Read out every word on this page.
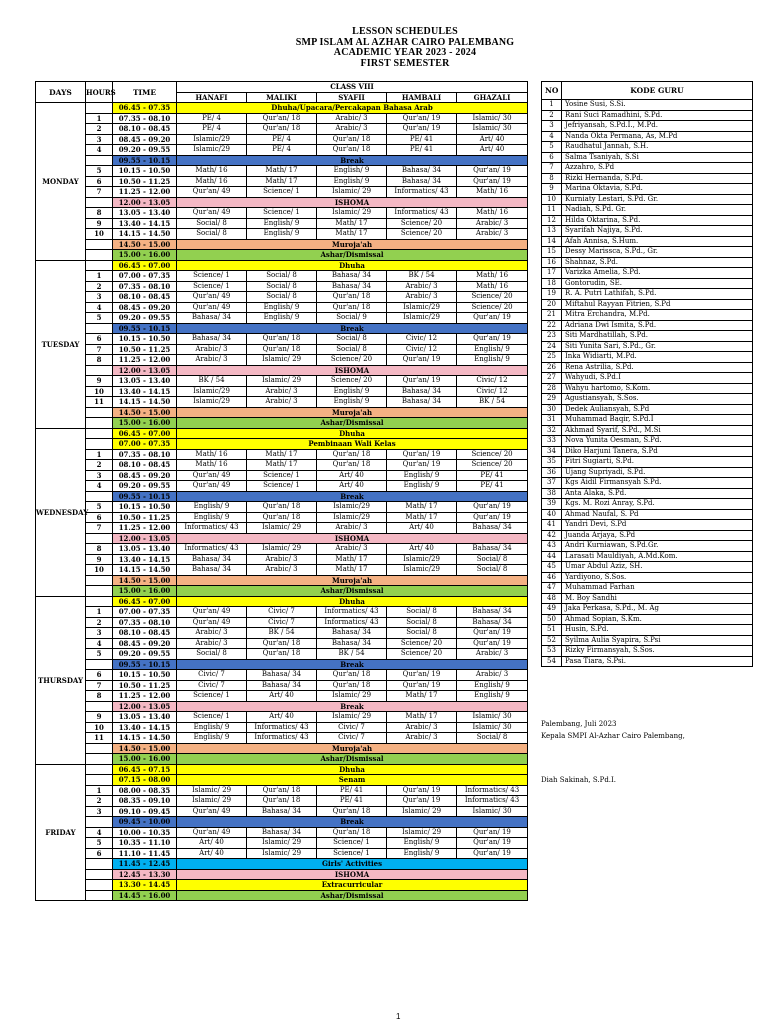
LESSON SCHEDULES
SMP ISLAM AL AZHAR CAIRO PALEMBANG
ACADEMIC YEAR 2023 - 2024
FIRST SEMESTER
DAYS	HOURS	TIME	CLASS VIII				
			HANAFI	MALIKI	SYAFII	HAMBALI	GHAZALI
MONDAY		06.45 - 07.35	Dhuha/Upacara/Percakapan Bahasa Arab				
	1	07.35 - 08.10	PE/ 4	Qur'an/ 18	Arabic/ 3	Qur'an/ 19	Islamic/ 30
	2	08.10 - 08.45	PE/ 4	Qur'an/ 18	Arabic/ 3	Qur'an/ 19	Islamic/ 30
	3	08.45 - 09.20	Islamic/29	PE/ 4	Qur'an/ 18	PE/ 41	Art/ 40
	4	09.20 - 09.55	Islamic/29	PE/ 4	Qur'an/ 18	PE/ 41	Art/ 40
		09.55 - 10.15	Break				
	5	10.15 - 10.50	Math/ 16	Math/ 17	English/ 9	Bahasa/ 34	Qur'an/ 19
	6	10.50 - 11.25	Math/ 16	Math/ 17	English/ 9	Bahasa/ 34	Qur'an/ 19
	7	11.25 - 12.00	Qur'an/ 49	Science/ 1	Islamic/ 29	Informatics/ 43	Math/ 16
		12.00 - 13.05	ISHOMA				
	8	13.05 - 13.40	Qur'an/ 49	Science/ 1	Islamic/ 29	Informatics/ 43	Math/ 16
	9	13.40 - 14.15	Social/ 8	English/ 9	Math/ 17	Science/ 20	Arabic/ 3
	10	14.15 - 14.50	Social/ 8	English/ 9	Math/ 17	Science/ 20	Arabic/ 3
		14.50 - 15.00	Muroja'ah				
		15.00 - 16.00	Ashar/Dismissal				
TUESDAY		06.45 - 07.00	Dhuha				
	1	07.00 - 07.35	Science/ 1	Social/ 8	Bahasa/ 34	BK / 54	Math/ 16
	2	07.35 - 08.10	Science/ 1	Social/ 8	Bahasa/ 34	Arabic/ 3	Math/ 16
	3	08.10 - 08.45	Qur'an/ 49	Social/ 8	Qur'an/ 18	Arabic/ 3	Science/ 20
	4	08.45 - 09.20	Qur'an/ 49	English/ 9	Qur'an/ 18	Islamic/29	Science/ 20
	5	09.20 - 09.55	Bahasa/ 34	English/ 9	Social/ 9	Islamic/29	Qur'an/ 19
		09.55 - 10.15	Break				
	6	10.15 - 10.50	Bahasa/ 34	Qur'an/ 18	Social/ 8	Civic/ 12	Qur'an/ 19
	7	10.50 - 11.25	Arabic/ 3	Qur'an/ 18	Social/ 8	Civic/ 12	English/ 9
	8	11.25 - 12.00	Arabic/ 3	Islamic/ 29	Science/ 20	Qur'an/ 19	English/ 9
		12.00 - 13.05	ISHOMA				
	9	13.05 - 13.40	BK / 54	Islamic/ 29	Science/ 20	Qur'an/ 19	Civic/ 12
	10	13.40 - 14.15	Islamic/29	Arabic/ 3	English/ 9	Bahasa/ 34	Civic/ 12
	11	14.15 - 14.50	Islamic/29	Arabic/ 3	English/ 9	Bahasa/ 34	BK / 54
		14.50 - 15.00	Muroja'ah				
		15.00 - 16.00	Ashar/Dismissal				
WEDNESDAY		06.45 - 07.00	Dhuha				
		07.00 - 07.35	Pembinaan Wali Kelas				
	1	07.35 - 08.10	Math/ 16	Math/ 17	Qur'an/ 18	Qur'an/ 19	Science/ 20
	2	08.10 - 08.45	Math/ 16	Math/ 17	Qur'an/ 18	Qur'an/ 19	Science/ 20
	3	08.45 - 09.20	Qur'an/ 49	Science/ 1	Art/ 40	English/ 9	PE/ 41
	4	09.20 - 09.55	Qur'an/ 49	Science/ 1	Art/ 40	English/ 9	PE/ 41
		09.55 - 10.15	Break				
	5	10.15 - 10.50	English/ 9	Qur'an/ 18	Islamic/29	Math/ 17	Qur'an/ 19
	6	10.50 - 11.25	English/ 9	Qur'an/ 18	Islamic/29	Math/ 17	Qur'an/ 19
	7	11.25 - 12.00	Informatics/ 43	Islamic/ 29	Arabic/ 3	Art/ 40	Bahasa/ 34
		12.00 - 13.05	ISHOMA				
	8	13.05 - 13.40	Informatics/ 43	Islamic/ 29	Arabic/ 3	Art/ 40	Bahasa/ 34
	9	13.40 - 14.15	Bahasa/ 34	Arabic/ 3	Math/ 17	Islamic/29	Social/ 8
	10	14.15 - 14.50	Bahasa/ 34	Arabic/ 3	Math/ 17	Islamic/29	Social/ 8
		14.50 - 15.00	Muroja'ah				
		15.00 - 16.00	Ashar/Dismissal				
THURSDAY		06.45 - 07.00	Dhuha				
	1	07.00 - 07.35	Qur'an/ 49	Civic/ 7	Informatics/ 43	Social/ 8	Bahasa/ 34
	2	07.35 - 08.10	Qur'an/ 49	Civic/ 7	Informatics/ 43	Social/ 8	Bahasa/ 34
	3	08.10 - 08.45	Arabic/ 3	BK / 54	Bahasa/ 34	Social/ 8	Qur'an/ 19
	4	08.45 - 09.20	Arabic/ 3	Qur'an/ 18	Bahasa/ 34	Science/ 20	Qur'an/ 19
	5	09.20 - 09.55	Social/ 8	Qur'an/ 18	BK / 54	Science/ 20	Arabic/ 3
		09.55 - 10.15	Break				
	6	10.15 - 10.50	Civic/ 7	Bahasa/ 34	Qur'an/ 18	Qur'an/ 19	Arabic/ 3
	7	10.50 - 11.25	Civic/ 7	Bahasa/ 34	Qur'an/ 18	Qur'an/ 19	English/ 9
	8	11.25 - 12.00	Science/ 1	Art/ 40	Islamic/ 29	Math/ 17	English/ 9
		12.00 - 13.05	Break				
	9	13.05 - 13.40	Science/ 1	Art/ 40	Islamic/ 29	Math/ 17	Islamic/ 30
	10	13.40 - 14.15	English/ 9	Informatics/ 43	Civic/ 7	Arabic/ 3	Islamic/ 30
	11	14.15 - 14.50	English/ 9	Informatics/ 43	Civic/ 7	Arabic/ 3	Social/ 8
		14.50 - 15.00	Muroja'ah				
		15.00 - 16.00	Ashar/Dismissal				
FRIDAY		06.45 - 07.15	Dhuha				
		07.15 - 08.00	Senam				
	1	08.00 - 08.35	Islamic/ 29	Qur'an/ 18	PE/ 41	Qur'an/ 19	Informatics/ 43
	2	08.35 - 09.10	Islamic/ 29	Qur'an/ 18	PE/ 41	Qur'an/ 19	Informatics/ 43
	3	09.10 - 09.45	Qur'an/ 49	Bahasa/ 34	Qur'an/ 18	Islamic/ 29	Islamic/ 30
		09.45 - 10.00	Break				
	4	10.00 - 10.35	Qur'an/ 49	Bahasa/ 34	Qur'an/ 18	Islamic/ 29	Qur'an/ 19
	5	10.35 - 11.10	Art/ 40	Islamic/ 29	Science/ 1	English/ 9	Qur'an/ 19
	6	11.10 - 11.45	Art/ 40	Islamic/ 29	Science/ 1	English/ 9	Qur'an/ 19
		11.45 - 12.45	Girls' Activities				
		12.45 - 13.30	ISHOMA				
		13.30 - 14.45	Extracurricular				
		14.45 - 16.00	Ashar/Dismissal				
NO	KODE GURU
1	Yosine Susi, S.Si.
2	Rani Suci Ramadhini, S.Pd.
3	Jefriyansah, S.Pd.I., M.Pd.
4	Nanda Okta Permana, As, M.Pd
5	Raudhatul Jannah, S.H.
6	Salma Tsaniyah, S.Si
7	Azzahro, S.Pd
8	Rizki Hernanda, S.Pd.
9	Marina Oktavia, S.Pd.
10	Kurniaty Lestari, S.Pd. Gr.
11	Nadiah, S.Pd. Gr.
12	Hilda Oktarina, S.Pd.
13	Syarifah Najiya, S.Pd.
14	Afah Annisa, S.Hum.
15	Dessy Marissca, S.Pd., Gr.
16	Shahnaz, S.Pd.
17	Varizka Amelia, S.Pd.
18	Gontorudin, SE.
19	R. A. Putri Lathifah, S.Pd.
20	Miftahul Rayyan Fitrien, S.Pd
21	Mitra Erchandra, M.Pd.
22	Adriana Dwi Ismita, S.Pd.
23	Siti Mardhatillah, S.Pd.
24	Siti Yunita Sari, S.Pd., Gr.
25	Inka Widiarti, M.Pd.
26	Rena Astrilia, S.Pd.
27	Wahyudi, S.Pd.I
28	Wahyu hartomo, S.Kom.
29	Agustiansyah, S.Sos.
30	Dedek Auliansyah, S.Pd
31	Muhammad Baqir, S.Pd.I
32	Akhmad Syarif, S.Pd., M.Si
33	Nova Yunita Oesman, S.Pd.
34	Diko Harjuni Tanera, S.Pd
35	Fitri Sugiarti, S.Pd.
36	Ujang Supriyadi, S.Pd.
37	Kgs Aidil Firmansyah S.Pd.
38	Anta Alaka, S.Pd.
39	Kgs. M. Rozi Anray, S.Pd.
40	Ahmad Naufal, S. Pd
41	Yandri Devi, S.Pd
42	Juanda Arjaya, S.Pd
43	Andri Kurniawan, S.Pd.Gr.
44	Larasati Mauldiyah, A.Md.Kom.
45	Umar Abdul Aziz, SH.
46	Yardiyono, S.Sos.
47	Muhammad Farhan
48	M. Boy Sandhi
49	Jaka Perkasa, S.Pd., M. Ag
50	Ahmad Sopian, S.Km.
51	Husin, S.Pd.
52	Syilma Aulia Syapira, S.Psi
53	Rizky Firmansyah, S.Sos.
54	Pasa Tiara, S.Psi.
Palembang, Juli 2023
Kepala SMPI Al-Azhar Cairo Palembang,
Diah Sakinah, S.Pd.I.
1
